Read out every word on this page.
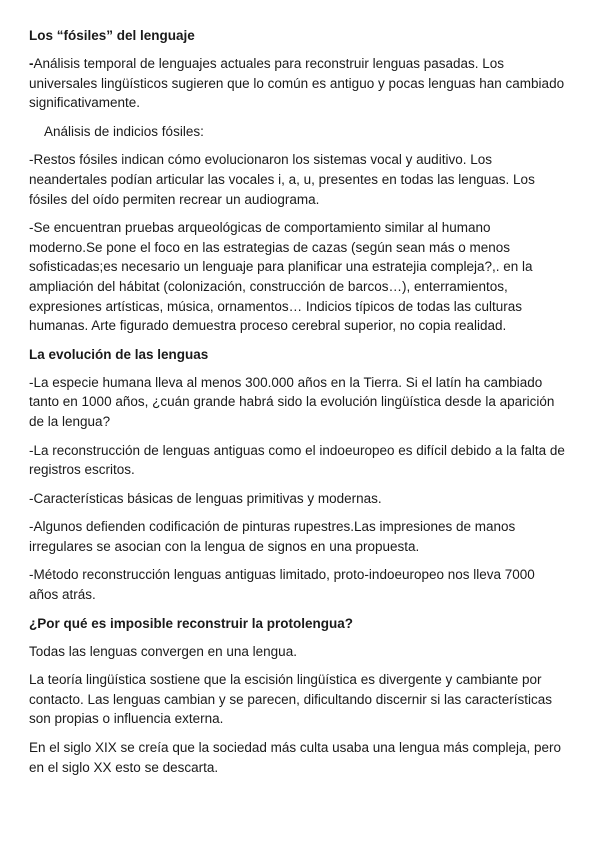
Los “fósiles” del lenguaje
-Análisis temporal de lenguajes actuales para reconstruir lenguas pasadas. Los universales lingüísticos sugieren que lo común es antiguo y pocas lenguas han cambiado significativamente.
Análisis de indicios fósiles:
-Restos fósiles indican cómo evolucionaron los sistemas vocal y auditivo. Los neandertales podían articular las vocales i, a, u, presentes en todas las lenguas. Los fósiles del oído permiten recrear un audiograma.
-Se encuentran pruebas arqueológicas de comportamiento similar al humano moderno.Se pone el foco en las estrategias de cazas (según sean más o menos sofisticadas;es necesario un lenguaje para planificar una estratejia compleja?,. en la ampliación del hábitat (colonización, construcción de barcos…), enterramientos, expresiones artísticas, música, ornamentos… Indicios típicos de todas las culturas humanas. Arte figurado demuestra proceso cerebral superior, no copia realidad.
La evolución de las lenguas
-La especie humana lleva al menos 300.000 años en la Tierra. Si el latín ha cambiado tanto en 1000 años, ¿cuán grande habrá sido la evolución lingüística desde la aparición de la lengua?
-La reconstrucción de lenguas antiguas como el indoeuropeo es difícil debido a la falta de registros escritos.
-Características básicas de lenguas primitivas y modernas.
-Algunos defienden codificación de pinturas rupestres.Las impresiones de manos irregulares se asocian con la lengua de signos en una propuesta.
-Método reconstrucción lenguas antiguas limitado, proto-indoeuropeo nos lleva 7000 años atrás.
¿Por qué es imposible reconstruir la protolengua?
Todas las lenguas convergen en una lengua.
La teoría lingüística sostiene que la escisión lingüística es divergente y cambiante por contacto. Las lenguas cambian y se parecen, dificultando discernir si las características son propias o influencia externa.
En el siglo XIX se creía que la sociedad más culta usaba una lengua más compleja, pero en el siglo XX esto se descarta.
